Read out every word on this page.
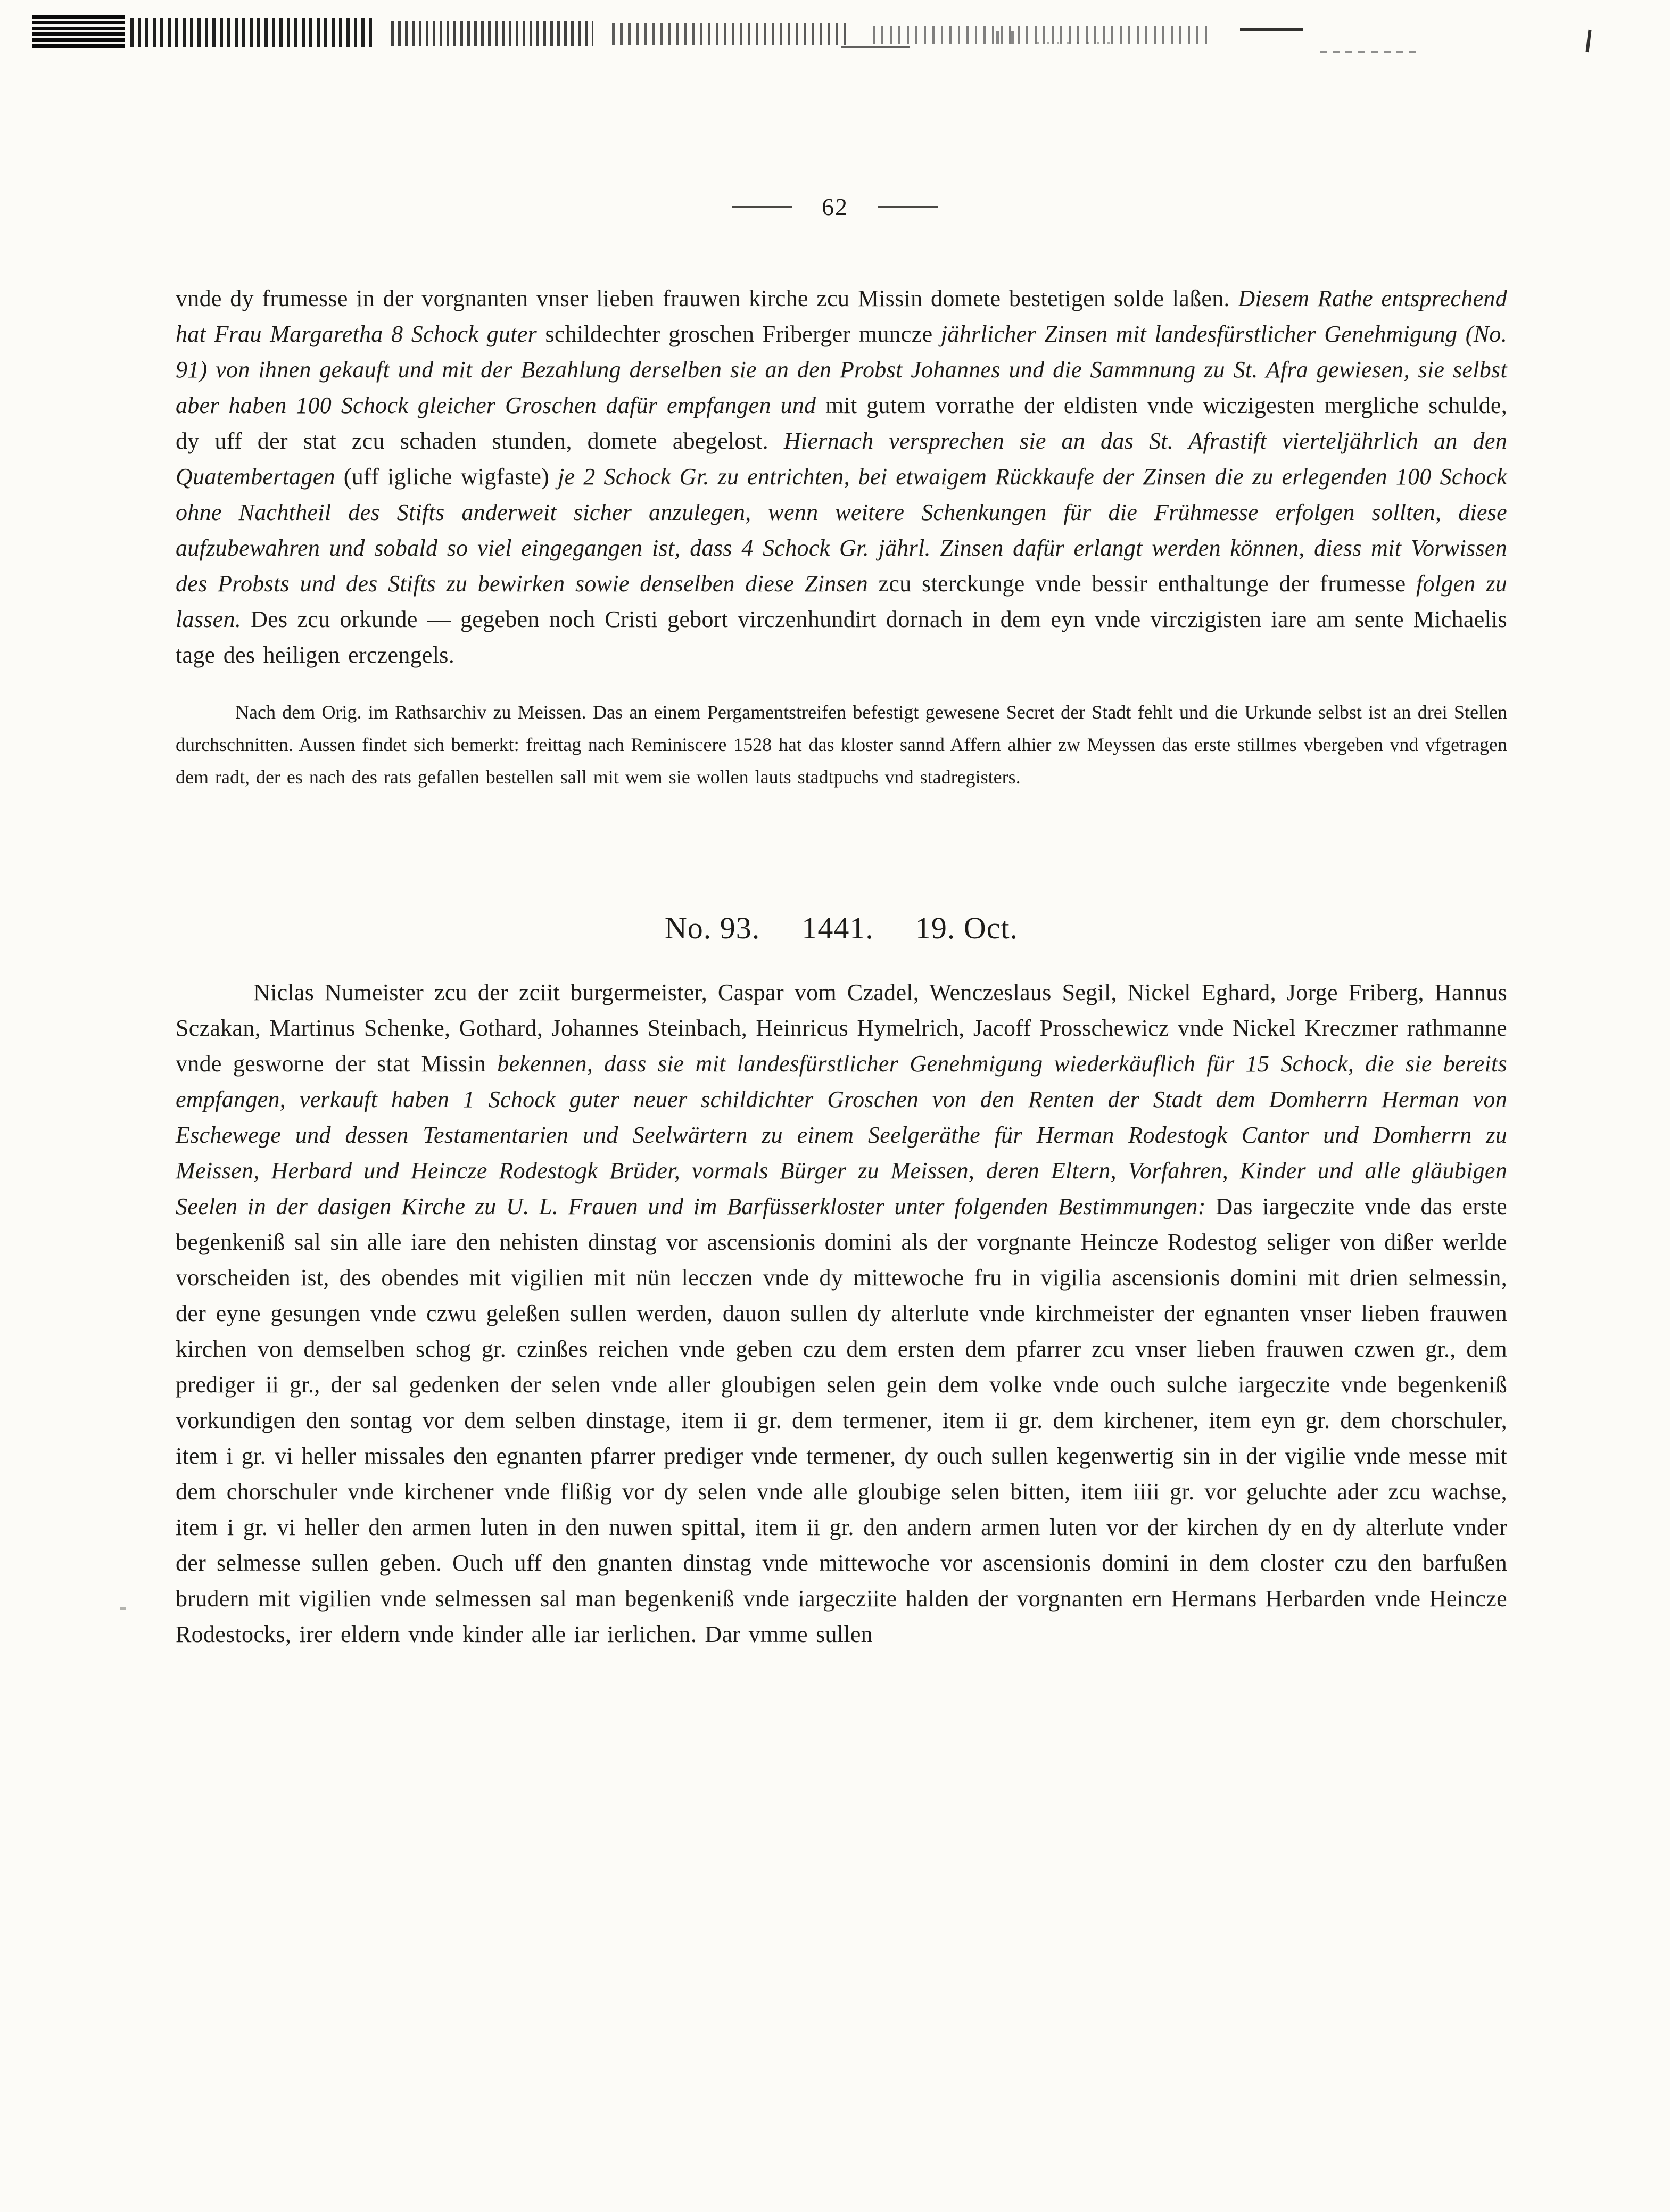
62

vnde dy frumesse in der vorgnanten vnser lieben frauwen kirche zcu Missin domete bestetigen solde laßen. Diesem Rathe entsprechend hat Frau Margaretha 8 Schock guter schildechter groschen Friberger muncze jährlicher Zinsen mit landesfürstlicher Genehmigung (No. 91) von ihnen gekauft und mit der Bezahlung derselben sie an den Probst Johannes und die Sammnung zu St. Afra gewiesen, sie selbst aber haben 100 Schock gleicher Groschen dafür empfangen und mit gutem vorrathe der eldisten vnde wiczigesten mergliche schulde, dy uff der stat zcu schaden stunden, domete abegelost. Hiernach versprechen sie an das St. Afrastift vierteljährlich an den Quatembertagen (uff igliche wigfaste) je 2 Schock Gr. zu entrichten, bei etwaigem Rückkaufe der Zinsen die zu erlegenden 100 Schock ohne Nachtheil des Stifts anderweit sicher anzulegen, wenn weitere Schenkungen für die Frühmesse erfolgen sollten, diese aufzubewahren und sobald so viel eingegangen ist, dass 4 Schock Gr. jährl. Zinsen dafür erlangt werden können, diess mit Vorwissen des Probsts und des Stifts zu bewirken sowie denselben diese Zinsen zcu sterckunge vnde bessir enthaltunge der frumesse folgen zu lassen. Des zcu orkunde — gegeben noch Cristi gebort virczenhundirt dornach in dem eyn vnde virczigisten iare am sente Michaelis tage des heiligen erczengels.

Nach dem Orig. im Rathsarchiv zu Meissen. Das an einem Pergamentstreifen befestigt gewesene Secret der Stadt fehlt und die Urkunde selbst ist an drei Stellen durchschnitten. Aussen findet sich bemerkt: freittag nach Reminiscere 1528 hat das kloster sannd Affern alhier zw Meyssen das erste stillmes vbergeben vnd vfgetragen dem radt, der es nach des rats gefallen bestellen sall mit wem sie wollen lauts stadtpuchs vnd stadregisters.

No. 93. 1441. 19. Oct.

Niclas Numeister zcu der zciit burgermeister, Caspar vom Czadel, Wenczeslaus Segil, Nickel Eghard, Jorge Friberg, Hannus Sczakan, Martinus Schenke, Gothard, Johannes Steinbach, Heinricus Hymelrich, Jacoff Prosschewicz vnde Nickel Kreczmer rathmanne vnde gesworne der stat Missin bekennen, dass sie mit landesfürstlicher Genehmigung wiederkäuflich für 15 Schock, die sie bereits empfangen, verkauft haben 1 Schock guter neuer schildichter Groschen von den Renten der Stadt dem Domherrn Herman von Eschewege und dessen Testamentarien und Seelwärtern zu einem Seelgeräthe für Herman Rodestogk Cantor und Domherrn zu Meissen, Herbard und Heincze Rodestogk Brüder, vormals Bürger zu Meissen, deren Eltern, Vorfahren, Kinder und alle gläubigen Seelen in der dasigen Kirche zu U. L. Frauen und im Barfüsserkloster unter folgenden Bestimmungen: Das iargeczite vnde das erste begenkeniß sal sin alle iare den nehisten dinstag vor ascensionis domini als der vorgnante Heincze Rodestog seliger von dißer werlde vorscheiden ist, des obendes mit vigilien mit nün lecczen vnde dy mittewoche fru in vigilia ascensionis domini mit drien selmessin, der eyne gesungen vnde czwu geleßen sullen werden, dauon sullen dy alterlute vnde kirchmeister der egnanten vnser lieben frauwen kirchen von demselben schog gr. czinßes reichen vnde geben czu dem ersten dem pfarrer zcu vnser lieben frauwen czwen gr., dem prediger ii gr., der sal gedenken der selen vnde aller gloubigen selen gein dem volke vnde ouch sulche iargeczite vnde begenkeniß vorkundigen den sontag vor dem selben dinstage, item ii gr. dem termener, item ii gr. dem kirchener, item eyn gr. dem chorschuler, item i gr. vi heller missales den egnanten pfarrer prediger vnde termener, dy ouch sullen kegenwertig sin in der vigilie vnde messe mit dem chorschuler vnde kirchener vnde flißig vor dy selen vnde alle gloubige selen bitten, item iiii gr. vor geluchte ader zcu wachse, item i gr. vi heller den armen luten in den nuwen spittal, item ii gr. den andern armen luten vor der kirchen dy en dy alterlute vnder der selmesse sullen geben. Ouch uff den gnanten dinstag vnde mittewoche vor ascensionis domini in dem closter czu den barfußen brudern mit vigilien vnde selmessen sal man begenkeniß vnde iargecziite halden der vorgnanten ern Hermans Herbarden vnde Heincze Rodestocks, irer eldern vnde kinder alle iar ierlichen. Dar vmme sullen
